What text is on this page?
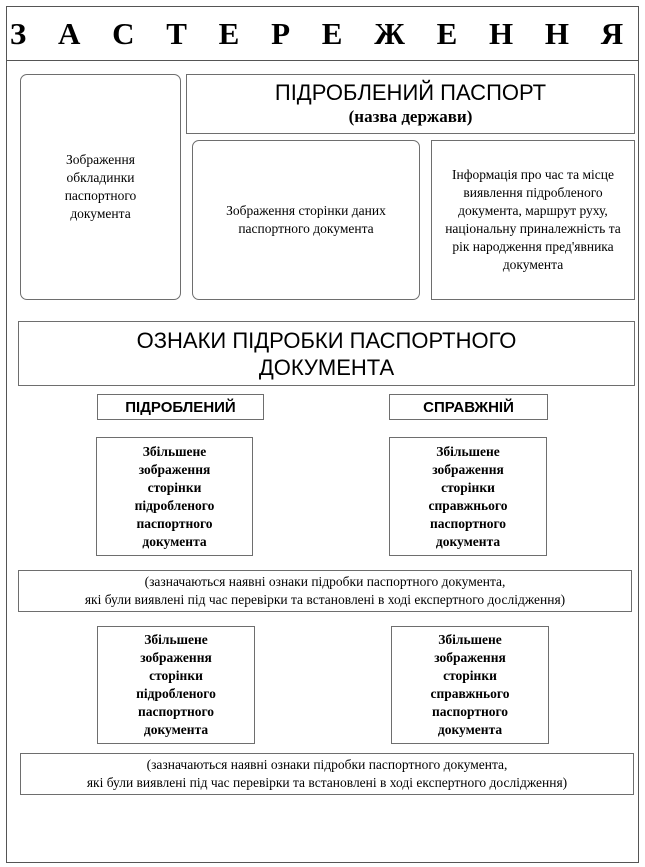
З А С Т Е Р Е Ж Е Н Н Я
Зображення обкладинки паспортного документа
ПІДРОБЛЕНИЙ ПАСПОРТ
(назва держави)
Зображення сторінки даних паспортного документа
Інформація про час та місце виявлення підробленого документа, маршрут руху, національну приналежність та рік народження пред'явника документа
ОЗНАКИ ПІДРОБКИ ПАСПОРТНОГО ДОКУМЕНТА
ПІДРОБЛЕНИЙ	СПРАВЖНІЙ
Збільшене зображення сторінки підробленого паспортного документа
Збільшене зображення сторінки справжнього паспортного документа
(зазначаються наявні ознаки підробки паспортного документа,
які були виявлені під час перевірки та встановлені в ході експертного дослідження)
Збільшене зображення сторінки підробленого паспортного документа
Збільшене зображення сторінки справжнього паспортного документа
(зазначаються наявні ознаки підробки паспортного документа,
які були виявлені під час перевірки та встановлені в ході експертного дослідження)
